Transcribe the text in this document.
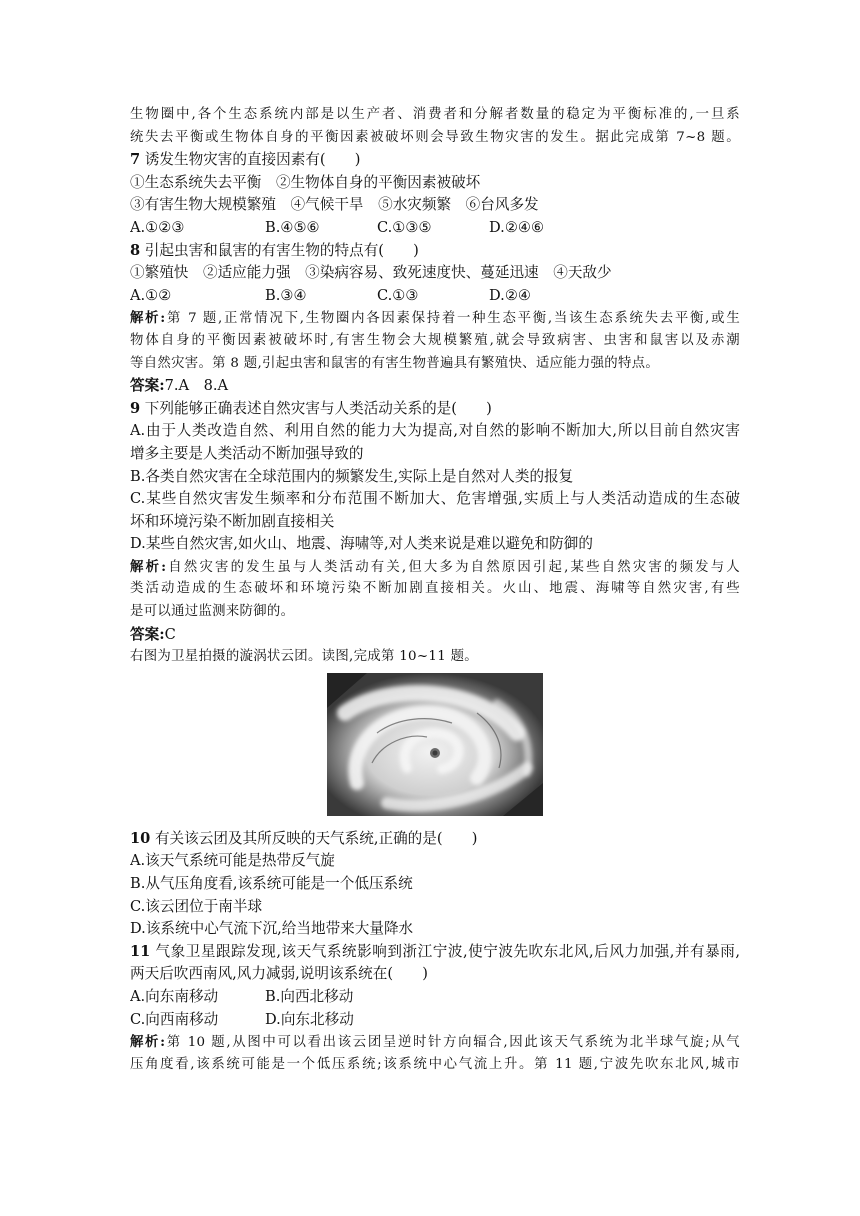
生物圈中,各个生态系统内部是以生产者、消费者和分解者数量的稳定为平衡标准的,一旦系
统失去平衡或生物体自身的平衡因素被破坏则会导致生物灾害的发生。据此完成第 7~8 题。
7 诱发生物灾害的直接因素有(　　)
①生态系统失去平衡　②生物体自身的平衡因素被破坏
③有害生物大规模繁殖　④气候干旱　⑤水灾频繁　⑥台风多发
A.①②③	B.④⑤⑥	C.①③⑤	D.②④⑥
8 引起虫害和鼠害的有害生物的特点有(　　)
①繁殖快　②适应能力强　③染病容易、致死速度快、蔓延迅速　④天敌少
A.①②	B.③④	C.①③	D.②④
解析:第 7 题,正常情况下,生物圈内各因素保持着一种生态平衡,当该生态系统失去平衡,或生
物体自身的平衡因素被破坏时,有害生物会大规模繁殖,就会导致病害、虫害和鼠害以及赤潮
等自然灾害。第 8 题,引起虫害和鼠害的有害生物普遍具有繁殖快、适应能力强的特点。
答案:7.A　8.A
9 下列能够正确表述自然灾害与人类活动关系的是(　　)
A.由于人类改造自然、利用自然的能力大为提高,对自然的影响不断加大,所以目前自然灾害
增多主要是人类活动不断加强导致的
B.各类自然灾害在全球范围内的频繁发生,实际上是自然对人类的报复
C.某些自然灾害发生频率和分布范围不断加大、危害增强,实质上与人类活动造成的生态破
坏和环境污染不断加剧直接相关
D.某些自然灾害,如火山、地震、海啸等,对人类来说是难以避免和防御的
解析:自然灾害的发生虽与人类活动有关,但大多为自然原因引起,某些自然灾害的频发与人
类活动造成的生态破坏和环境污染不断加剧直接相关。火山、地震、海啸等自然灾害,有些
是可以通过监测来防御的。
答案:C
右图为卫星拍摄的漩涡状云团。读图,完成第 10~11 题。
10 有关该云团及其所反映的天气系统,正确的是(　　)
A.该天气系统可能是热带反气旋
B.从气压角度看,该系统可能是一个低压系统
C.该云团位于南半球
D.该系统中心气流下沉,给当地带来大量降水
11 气象卫星跟踪发现,该天气系统影响到浙江宁波,使宁波先吹东北风,后风力加强,并有暴雨,
两天后吹西南风,风力减弱,说明该系统在(　　)
A.向东南移动	B.向西北移动
C.向西南移动	D.向东北移动
解析:第 10 题,从图中可以看出该云团呈逆时针方向辐合,因此该天气系统为北半球气旋;从气
压角度看,该系统可能是一个低压系统;该系统中心气流上升。第 11 题,宁波先吹东北风,城市
